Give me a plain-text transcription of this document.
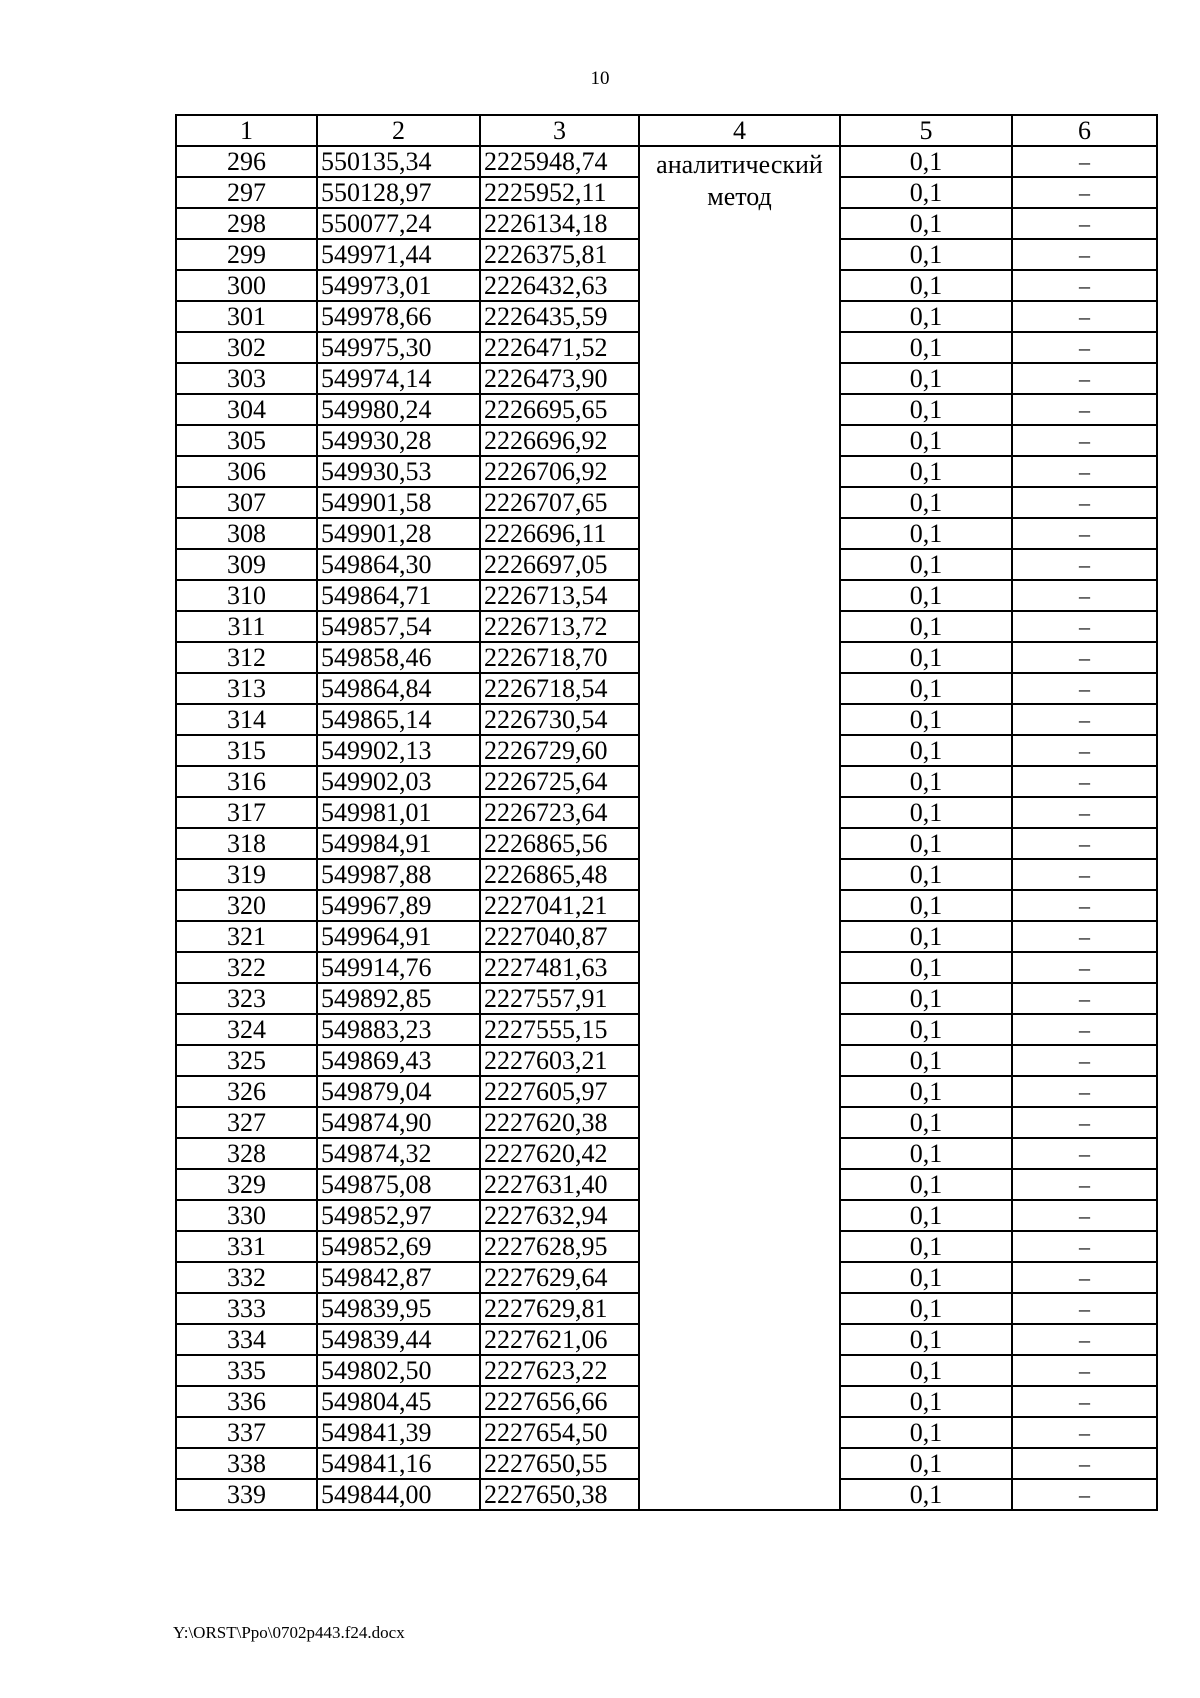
10
1	2	3	4	5	6
296	550135,34	2225948,74	аналитический метод	0,1	–
297	550128,97	2225952,11		0,1	–
298	550077,24	2226134,18		0,1	–
299	549971,44	2226375,81		0,1	–
300	549973,01	2226432,63		0,1	–
301	549978,66	2226435,59		0,1	–
302	549975,30	2226471,52		0,1	–
303	549974,14	2226473,90		0,1	–
304	549980,24	2226695,65		0,1	–
305	549930,28	2226696,92		0,1	–
306	549930,53	2226706,92		0,1	–
307	549901,58	2226707,65		0,1	–
308	549901,28	2226696,11		0,1	–
309	549864,30	2226697,05		0,1	–
310	549864,71	2226713,54		0,1	–
311	549857,54	2226713,72		0,1	–
312	549858,46	2226718,70		0,1	–
313	549864,84	2226718,54		0,1	–
314	549865,14	2226730,54		0,1	–
315	549902,13	2226729,60		0,1	–
316	549902,03	2226725,64		0,1	–
317	549981,01	2226723,64		0,1	–
318	549984,91	2226865,56		0,1	–
319	549987,88	2226865,48		0,1	–
320	549967,89	2227041,21		0,1	–
321	549964,91	2227040,87		0,1	–
322	549914,76	2227481,63		0,1	–
323	549892,85	2227557,91		0,1	–
324	549883,23	2227555,15		0,1	–
325	549869,43	2227603,21		0,1	–
326	549879,04	2227605,97		0,1	–
327	549874,90	2227620,38		0,1	–
328	549874,32	2227620,42		0,1	–
329	549875,08	2227631,40		0,1	–
330	549852,97	2227632,94		0,1	–
331	549852,69	2227628,95		0,1	–
332	549842,87	2227629,64		0,1	–
333	549839,95	2227629,81		0,1	–
334	549839,44	2227621,06		0,1	–
335	549802,50	2227623,22		0,1	–
336	549804,45	2227656,66		0,1	–
337	549841,39	2227654,50		0,1	–
338	549841,16	2227650,55		0,1	–
339	549844,00	2227650,38		0,1	–
Y:\ORST\Ppo\0702p443.f24.docx
